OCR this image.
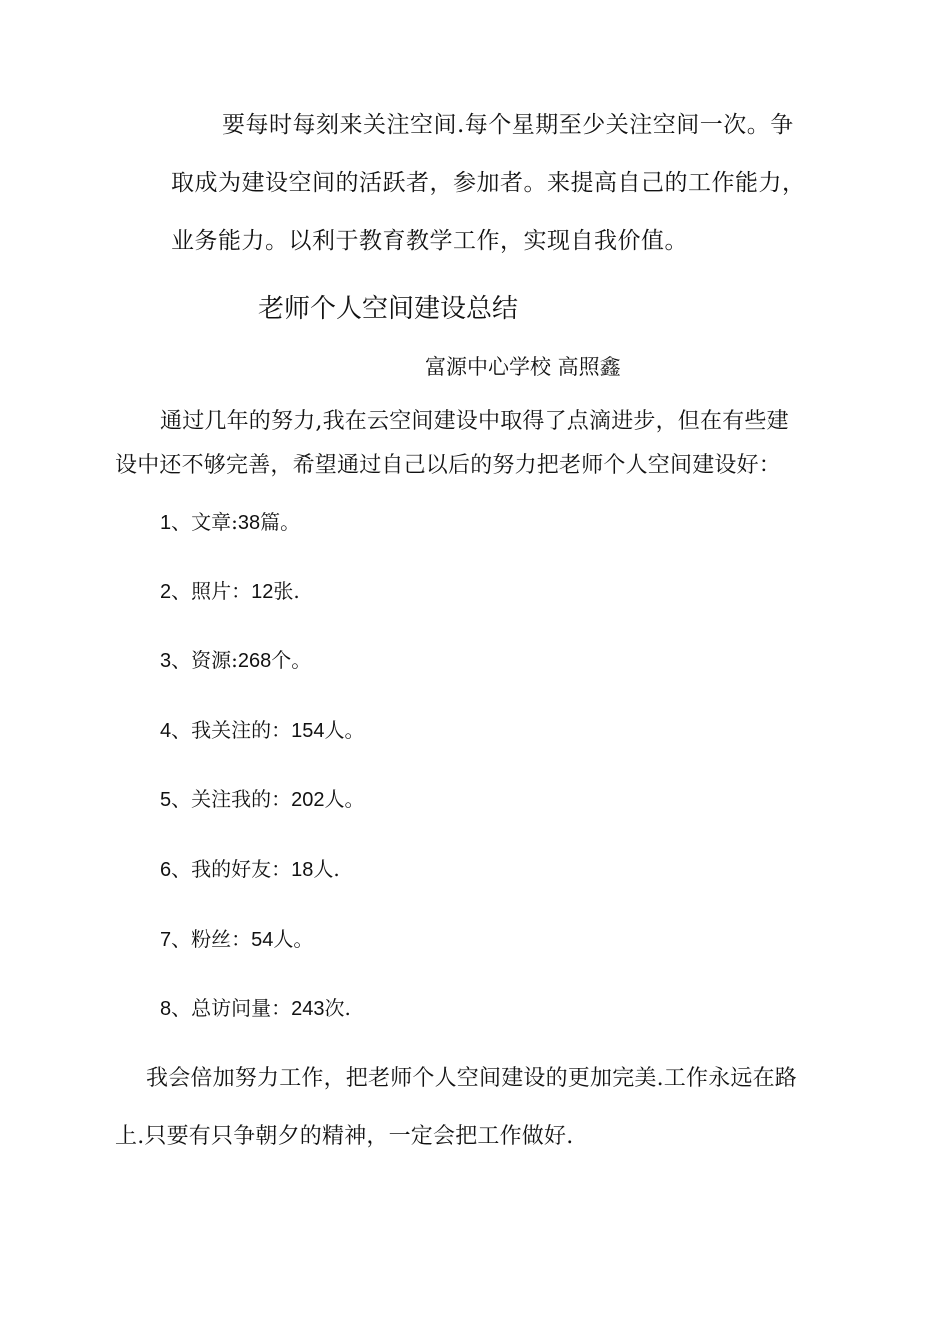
要每时每刻来关注空间.每个星期至少关注空间一次。争
取成为建设空间的活跃者，参加者。来提高自己的工作能力，
业务能力。以利于教育教学工作，实现自我价值。
老师个人空间建设总结
富源中心学校 高照鑫
通过几年的努力,我在云空间建设中取得了点滴进步，但在有些建
设中还不够完善，希望通过自己以后的努力把老师个人空间建设好：
1、文章:38篇。
2、照片：12张.
3、资源:268个。
4、我关注的：154人。
5、关注我的：202人。
6、我的好友：18人.
7、粉丝：54人。
8、总访问量：243次.
我会倍加努力工作，把老师个人空间建设的更加完美.工作永远在路
上.只要有只争朝夕的精神，一定会把工作做好.
